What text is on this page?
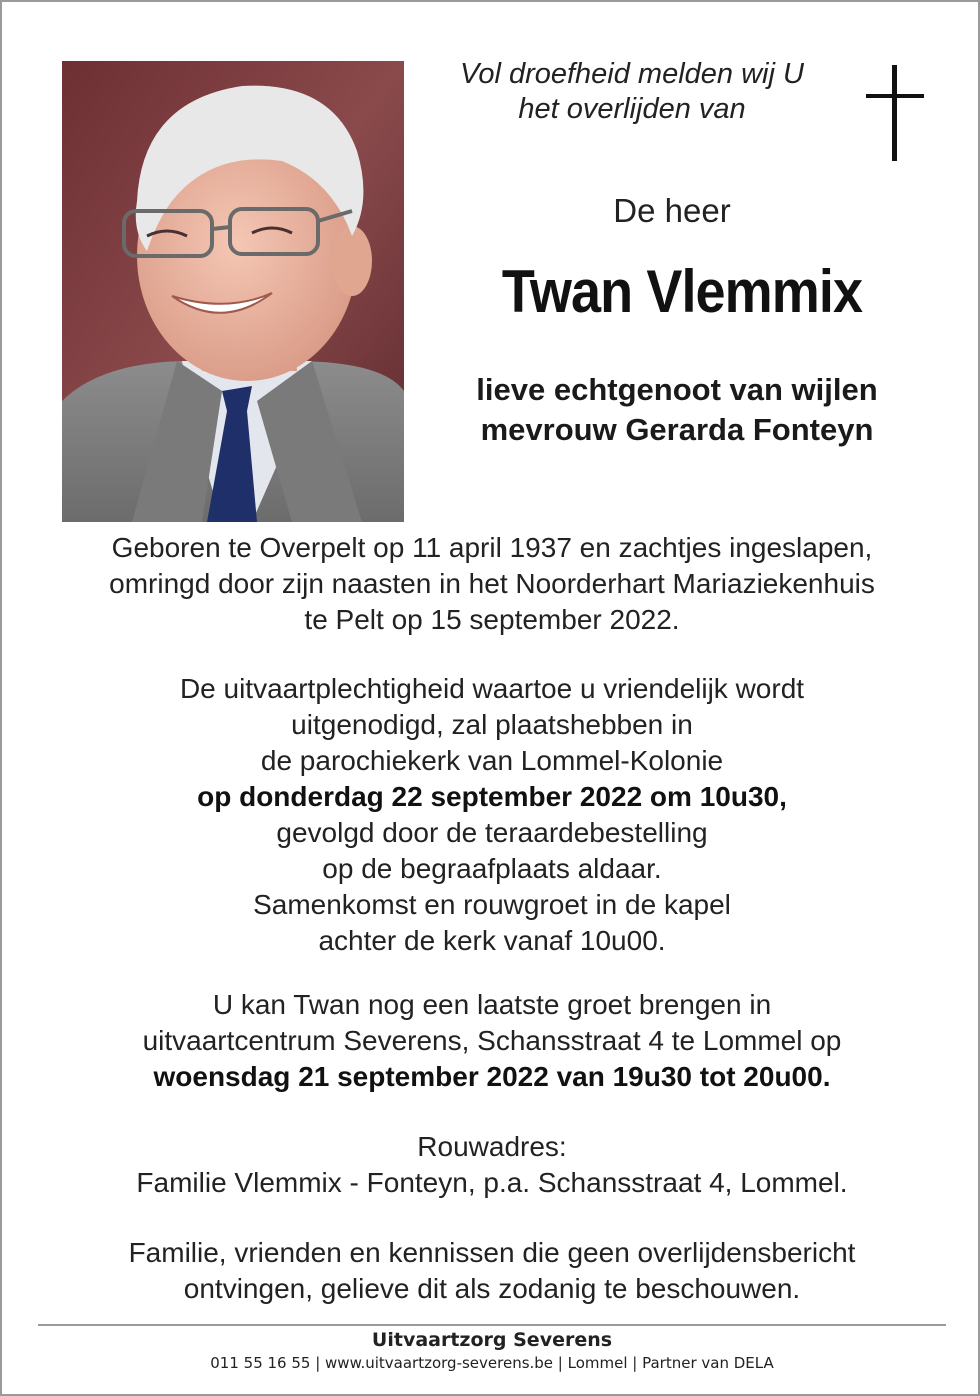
Vol droefheid melden wij U
het overlijden van
De heer
Twan Vlemmix
lieve echtgenoot van wijlen
mevrouw Gerarda Fonteyn
Geboren te Overpelt op 11 april 1937 en zachtjes ingeslapen,
omringd door zijn naasten in het Noorderhart Mariaziekenhuis
te Pelt op 15 september 2022.
De uitvaartplechtigheid waartoe u vriendelijk wordt
uitgenodigd, zal plaatshebben in
de parochiekerk van Lommel-Kolonie
op donderdag 22 september 2022 om 10u30,
gevolgd door de teraardebestelling
op de begraafplaats aldaar.
Samenkomst en rouwgroet in de kapel
achter de kerk vanaf 10u00.
U kan Twan nog een laatste groet brengen in
uitvaartcentrum Severens, Schansstraat 4 te Lommel op
woensdag 21 september 2022 van 19u30 tot 20u00.
Rouwadres:
Familie Vlemmix - Fonteyn, p.a. Schansstraat 4, Lommel.
Familie, vrienden en kennissen die geen overlijdensbericht
ontvingen, gelieve dit als zodanig te beschouwen.
Uitvaartzorg Severens
011 55 16 55 | www.uitvaartzorg-severens.be | Lommel | Partner van DELA
